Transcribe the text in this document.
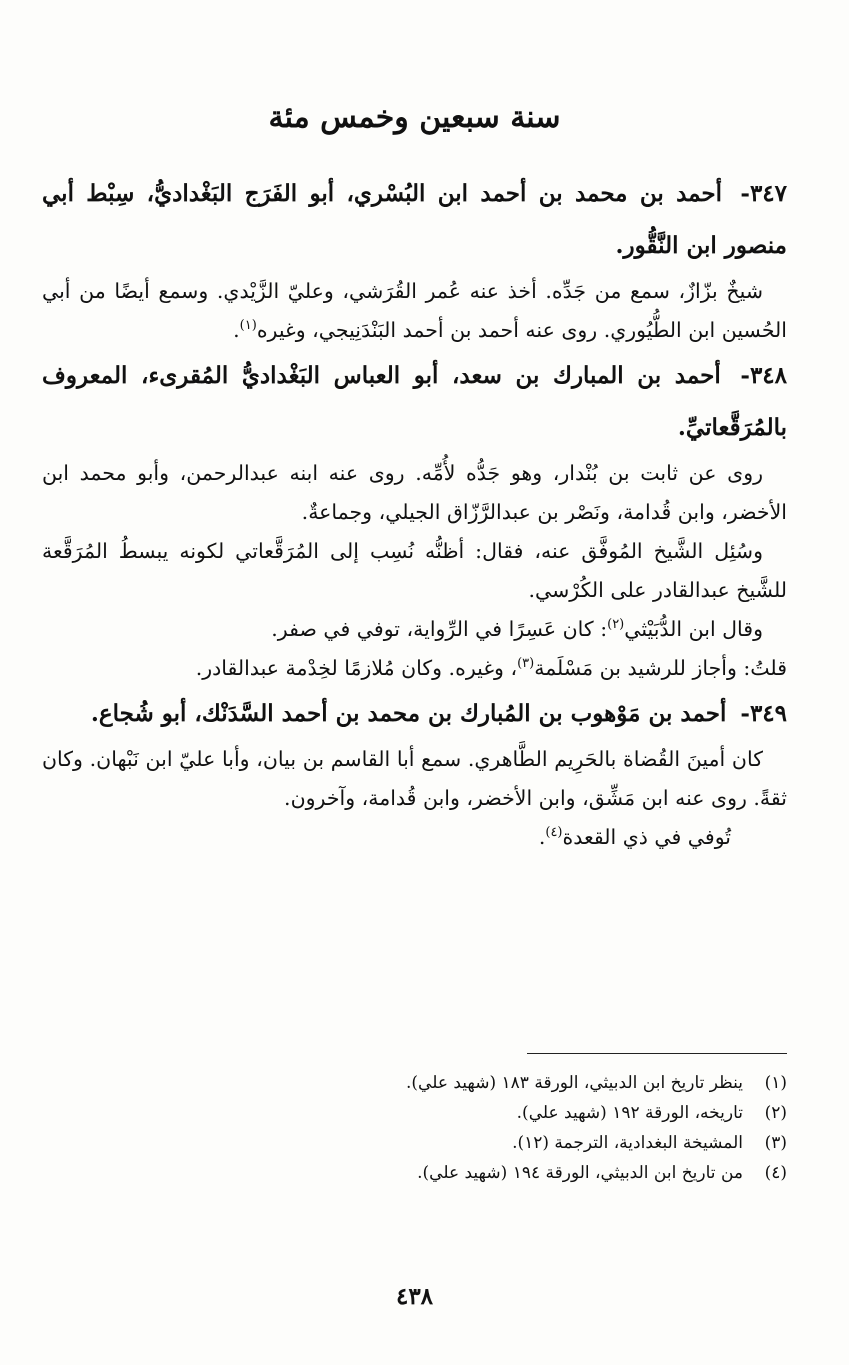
سنة سبعين وخمس مئة

٣٤٧- أحمد بن محمد بن أحمد ابن البُسْري، أبو الفَرَج البَغْداديُّ، سِبْط أبي منصور ابن النَّقُّور.

شيخٌ بزّازٌ، سمع من جَدِّه. أخذ عنه عُمر القُرَشي، وعليّ الزَّيْدي. وسمع أيضًا من أبي الحُسين ابن الطُّيُوري. روى عنه أحمد بن أحمد البَنْدَنِيجي، وغيره$^{(١)}$.

٣٤٨- أحمد بن المبارك بن سعد، أبو العباس البَغْداديُّ المُقرىء، المعروف بالمُرَقَّعاتيِّ.

روى عن ثابت بن بُنْدار، وهو جَدُّه لأُمِّه. روى عنه ابنه عبدالرحمن، وأبو محمد ابن الأخضر، وابن قُدامة، ونَصْر بن عبدالرَّزّاق الجيلي، وجماعةٌ.

وسُئِل الشَّيخ المُوفَّق عنه، فقال: أظنُّه نُسِب إلى المُرَقَّعاتي لكونه يبسطُ المُرَقَّعة للشَّيخ عبدالقادر على الكُرْسي.

وقال ابن الدُّبَيْثي$^{(٢)}$: كان عَسِرًا في الرِّواية، توفي في صفر.

قلتُ: وأجاز للرشيد بن مَسْلَمة$^{(٣)}$، وغيره. وكان مُلازمًا لخِدْمة عبدالقادر.

٣٤٩- أحمد بن مَوْهوب بن المُبارك بن محمد بن أحمد السَّدَنْك، أبو شُجاع.

كان أمينَ القُضاة بالحَرِيم الطَّاهري. سمع أبا القاسم بن بيان، وأبا عليّ ابن نَبْهان. وكان ثقةً. روى عنه ابن مَشِّق، وابن الأخضر، وابن قُدامة، وآخرون.

تُوفي في ذي القعدة$^{(٤)}$.

(١)ينظر تاريخ ابن الدبيثي، الورقة ١٨٣ (شهيد علي).
(٢)تاريخه، الورقة ١٩٢ (شهيد علي).
(٣)المشيخة البغدادية، الترجمة (١٢).
(٤)من تاريخ ابن الدبيثي، الورقة ١٩٤ (شهيد علي).
٤٣٨
